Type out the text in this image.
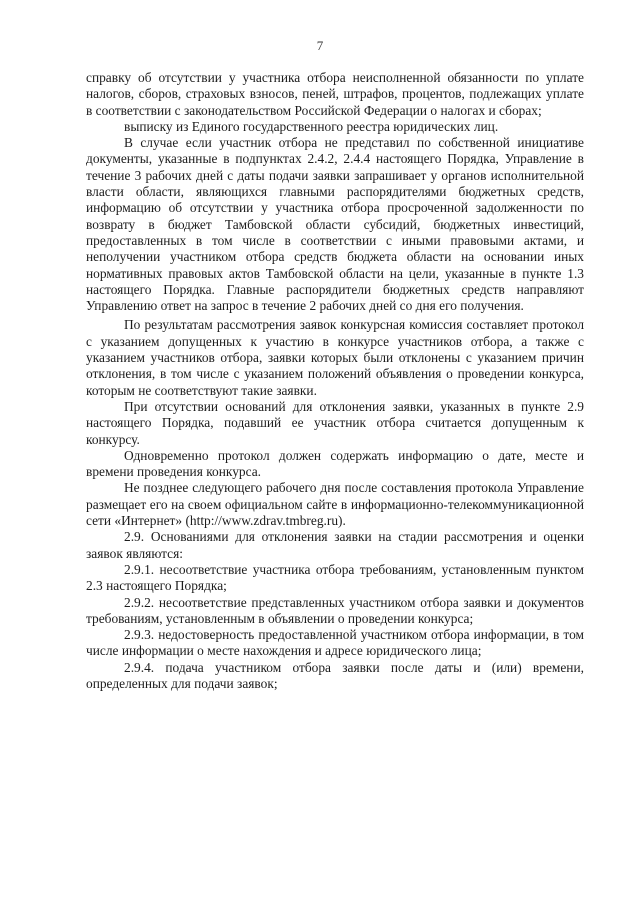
7

справку об отсутствии у участника отбора неисполненной обязанности по уплате налогов, сборов, страховых взносов, пеней, штрафов, процентов, подлежащих уплате в соответствии с законодательством Российской Федерации о налогах и сборах;

выписку из Единого государственного реестра юридических лиц.

В случае если участник отбора не представил по собственной инициативе документы, указанные в подпунктах 2.4.2, 2.4.4 настоящего Порядка, Управление в течение 3 рабочих дней с даты подачи заявки запрашивает у органов исполнительной власти области, являющихся главными распорядителями бюджетных средств, информацию об отсутствии у участника отбора просроченной задолженности по возврату в бюджет Тамбовской области субсидий, бюджетных инвестиций, предоставленных в том числе в соответствии с иными правовыми актами, и неполучении участником отбора средств бюджета области на основании иных нормативных правовых актов Тамбовской области на цели, указанные в пункте 1.3 настоящего Порядка. Главные распорядители бюджетных средств направляют Управлению ответ на запрос в течение 2 рабочих дней со дня его получения.

По результатам рассмотрения заявок конкурсная комиссия составляет протокол с указанием допущенных к участию в конкурсе участников отбора, а также с указанием участников отбора, заявки которых были отклонены с указанием причин отклонения, в том числе с указанием положений объявления о проведении конкурса, которым не соответствуют такие заявки.

При отсутствии оснований для отклонения заявки, указанных в пункте 2.9 настоящего Порядка, подавший ее участник отбора считается допущенным к конкурсу.

Одновременно протокол должен содержать информацию о дате, месте и времени проведения конкурса.

Не позднее следующего рабочего дня после составления протокола Управление размещает его на своем официальном сайте в информационно-телекоммуникационной сети «Интернет» (http://www.zdrav.tmbreg.ru).

2.9. Основаниями для отклонения заявки на стадии рассмотрения и оценки заявок являются:

2.9.1. несоответствие участника отбора требованиям, установленным пунктом 2.3 настоящего Порядка;

2.9.2. несоответствие представленных участником отбора заявки и документов требованиям, установленным в объявлении о проведении конкурса;

2.9.3. недостоверность предоставленной участником отбора информации, в том числе информации о месте нахождения и адресе юридического лица;

2.9.4. подача участником отбора заявки после даты и (или) времени, определенных для подачи заявок;
